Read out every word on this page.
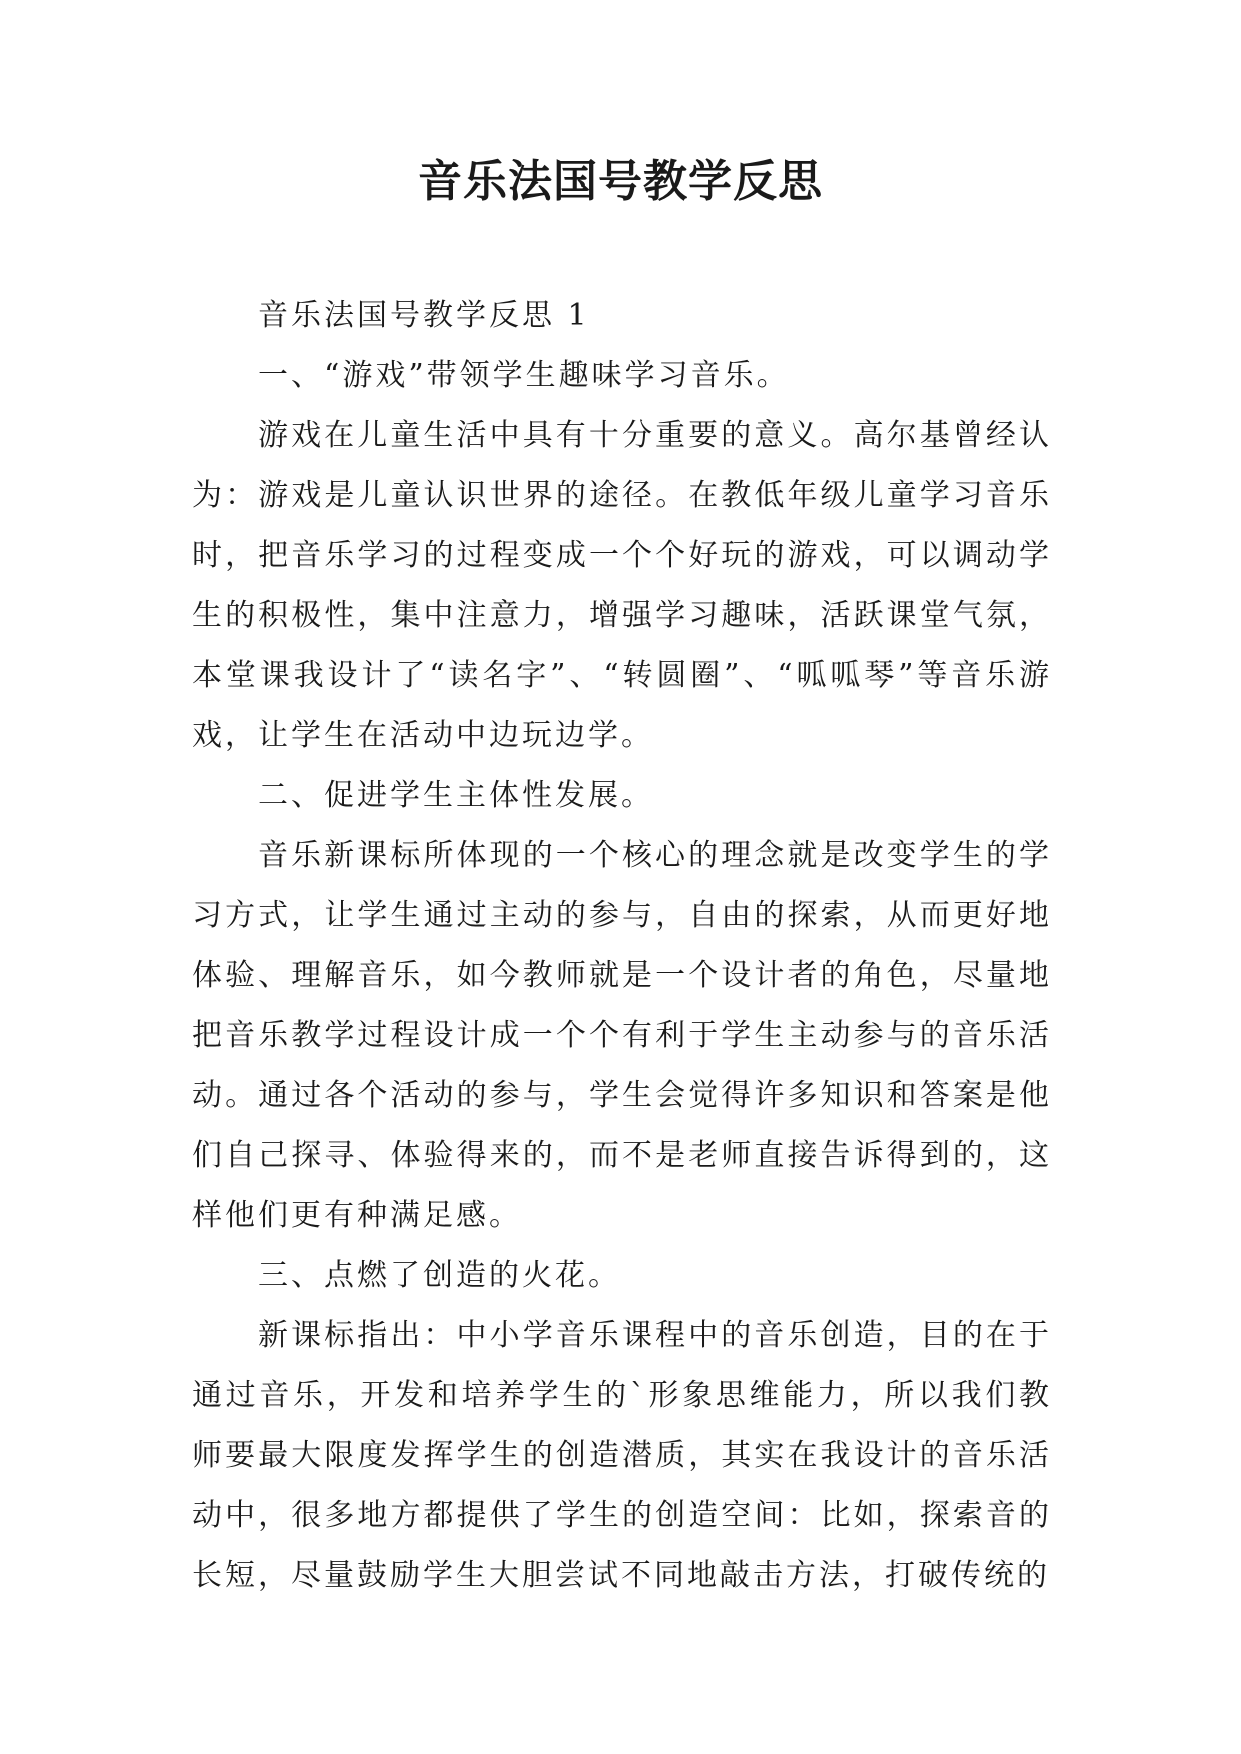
音乐法国号教学反思

音乐法国号教学反思 1

一、“游戏”带领学生趣味学习音乐。

游戏在儿童生活中具有十分重要的意义。高尔基曾经认为：游戏是儿童认识世界的途径。在教低年级儿童学习音乐时，把音乐学习的过程变成一个个好玩的游戏，可以调动学生的积极性，集中注意力，增强学习趣味，活跃课堂气氛，本堂课我设计了“读名字”、“转圆圈”、“呱呱琴”等音乐游戏，让学生在活动中边玩边学。

二、促进学生主体性发展。

音乐新课标所体现的一个核心的理念就是改变学生的学习方式，让学生通过主动的参与，自由的探索，从而更好地体验、理解音乐，如今教师就是一个设计者的角色，尽量地把音乐教学过程设计成一个个有利于学生主动参与的音乐活动。通过各个活动的参与，学生会觉得许多知识和答案是他们自己探寻、体验得来的，而不是老师直接告诉得到的，这样他们更有种满足感。

三、点燃了创造的火花。

新课标指出：中小学音乐课程中的音乐创造，目的在于通过音乐，开发和培养学生的`形象思维能力，所以我们教师要最大限度发挥学生的创造潜质，其实在我设计的音乐活动中，很多地方都提供了学生的创造空间：比如，探索音的长短，尽量鼓励学生大胆尝试不同地敲击方法，打破传统的
